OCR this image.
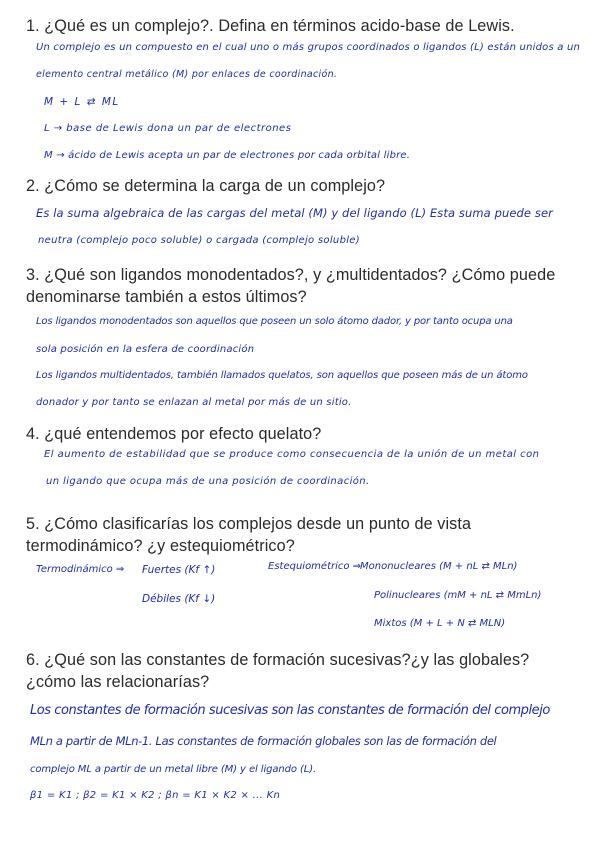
1. ¿Qué es un complejo?. Defina en términos acido-base de Lewis.

Un complejo es un compuesto en el cual uno o más grupos coordinados o ligandos (L) están unidos a un

elemento central metálico (M) por enlaces de coordinación.

M + L ⇄ ML

L → base de Lewis dona un par de electrones

M → ácido de Lewis acepta un par de electrones por cada orbital libre.

2. ¿Cómo se determina la carga de un complejo?

Es la suma algebraica de las cargas del metal (M) y del ligando (L) Esta suma puede ser

neutra (complejo poco soluble) o cargada (complejo soluble)

3. ¿Qué son ligandos monodentados?, y ¿multidentados? ¿Cómo puede

denominarse también a estos últimos?

Los ligandos monodentados son aquellos que poseen un solo átomo dador, y por tanto ocupa una

sola posición en la esfera de coordinación

Los ligandos multidentados, también llamados quelatos, son aquellos que poseen más de un átomo

donador y por tanto se enlazan al metal por más de un sitio.

4. ¿qué entendemos por efecto quelato?

El aumento de estabilidad que se produce como consecuencia de la unión de un metal con

un ligando que ocupa más de una posición de coordinación.

5. ¿Cómo clasificarías los complejos desde un punto de vista

termodinámico? ¿y estequiométrico?

Termodinámico ⇒ Fuertes (Kf ↑)

Débiles (Kf ↓)

Estequiométrico ⇒

Mononucleares (M + nL ⇄ MLn)

Polinucleares (mM + nL ⇄ MmLn)

Mixtos (M + L + N ⇄ MLN)

6. ¿Qué son las constantes de formación sucesivas?¿y las globales?

¿cómo las relacionarías?

Los constantes de formación sucesivas son las constantes de formación del complejo

MLn a partir de MLn-1. Las constantes de formación globales son las de formación del

complejo ML a partir de un metal libre (M) y el ligando (L).

β1 = K1 ; β2 = K1 × K2 ; βn = K1 × K2 × ... Kn
